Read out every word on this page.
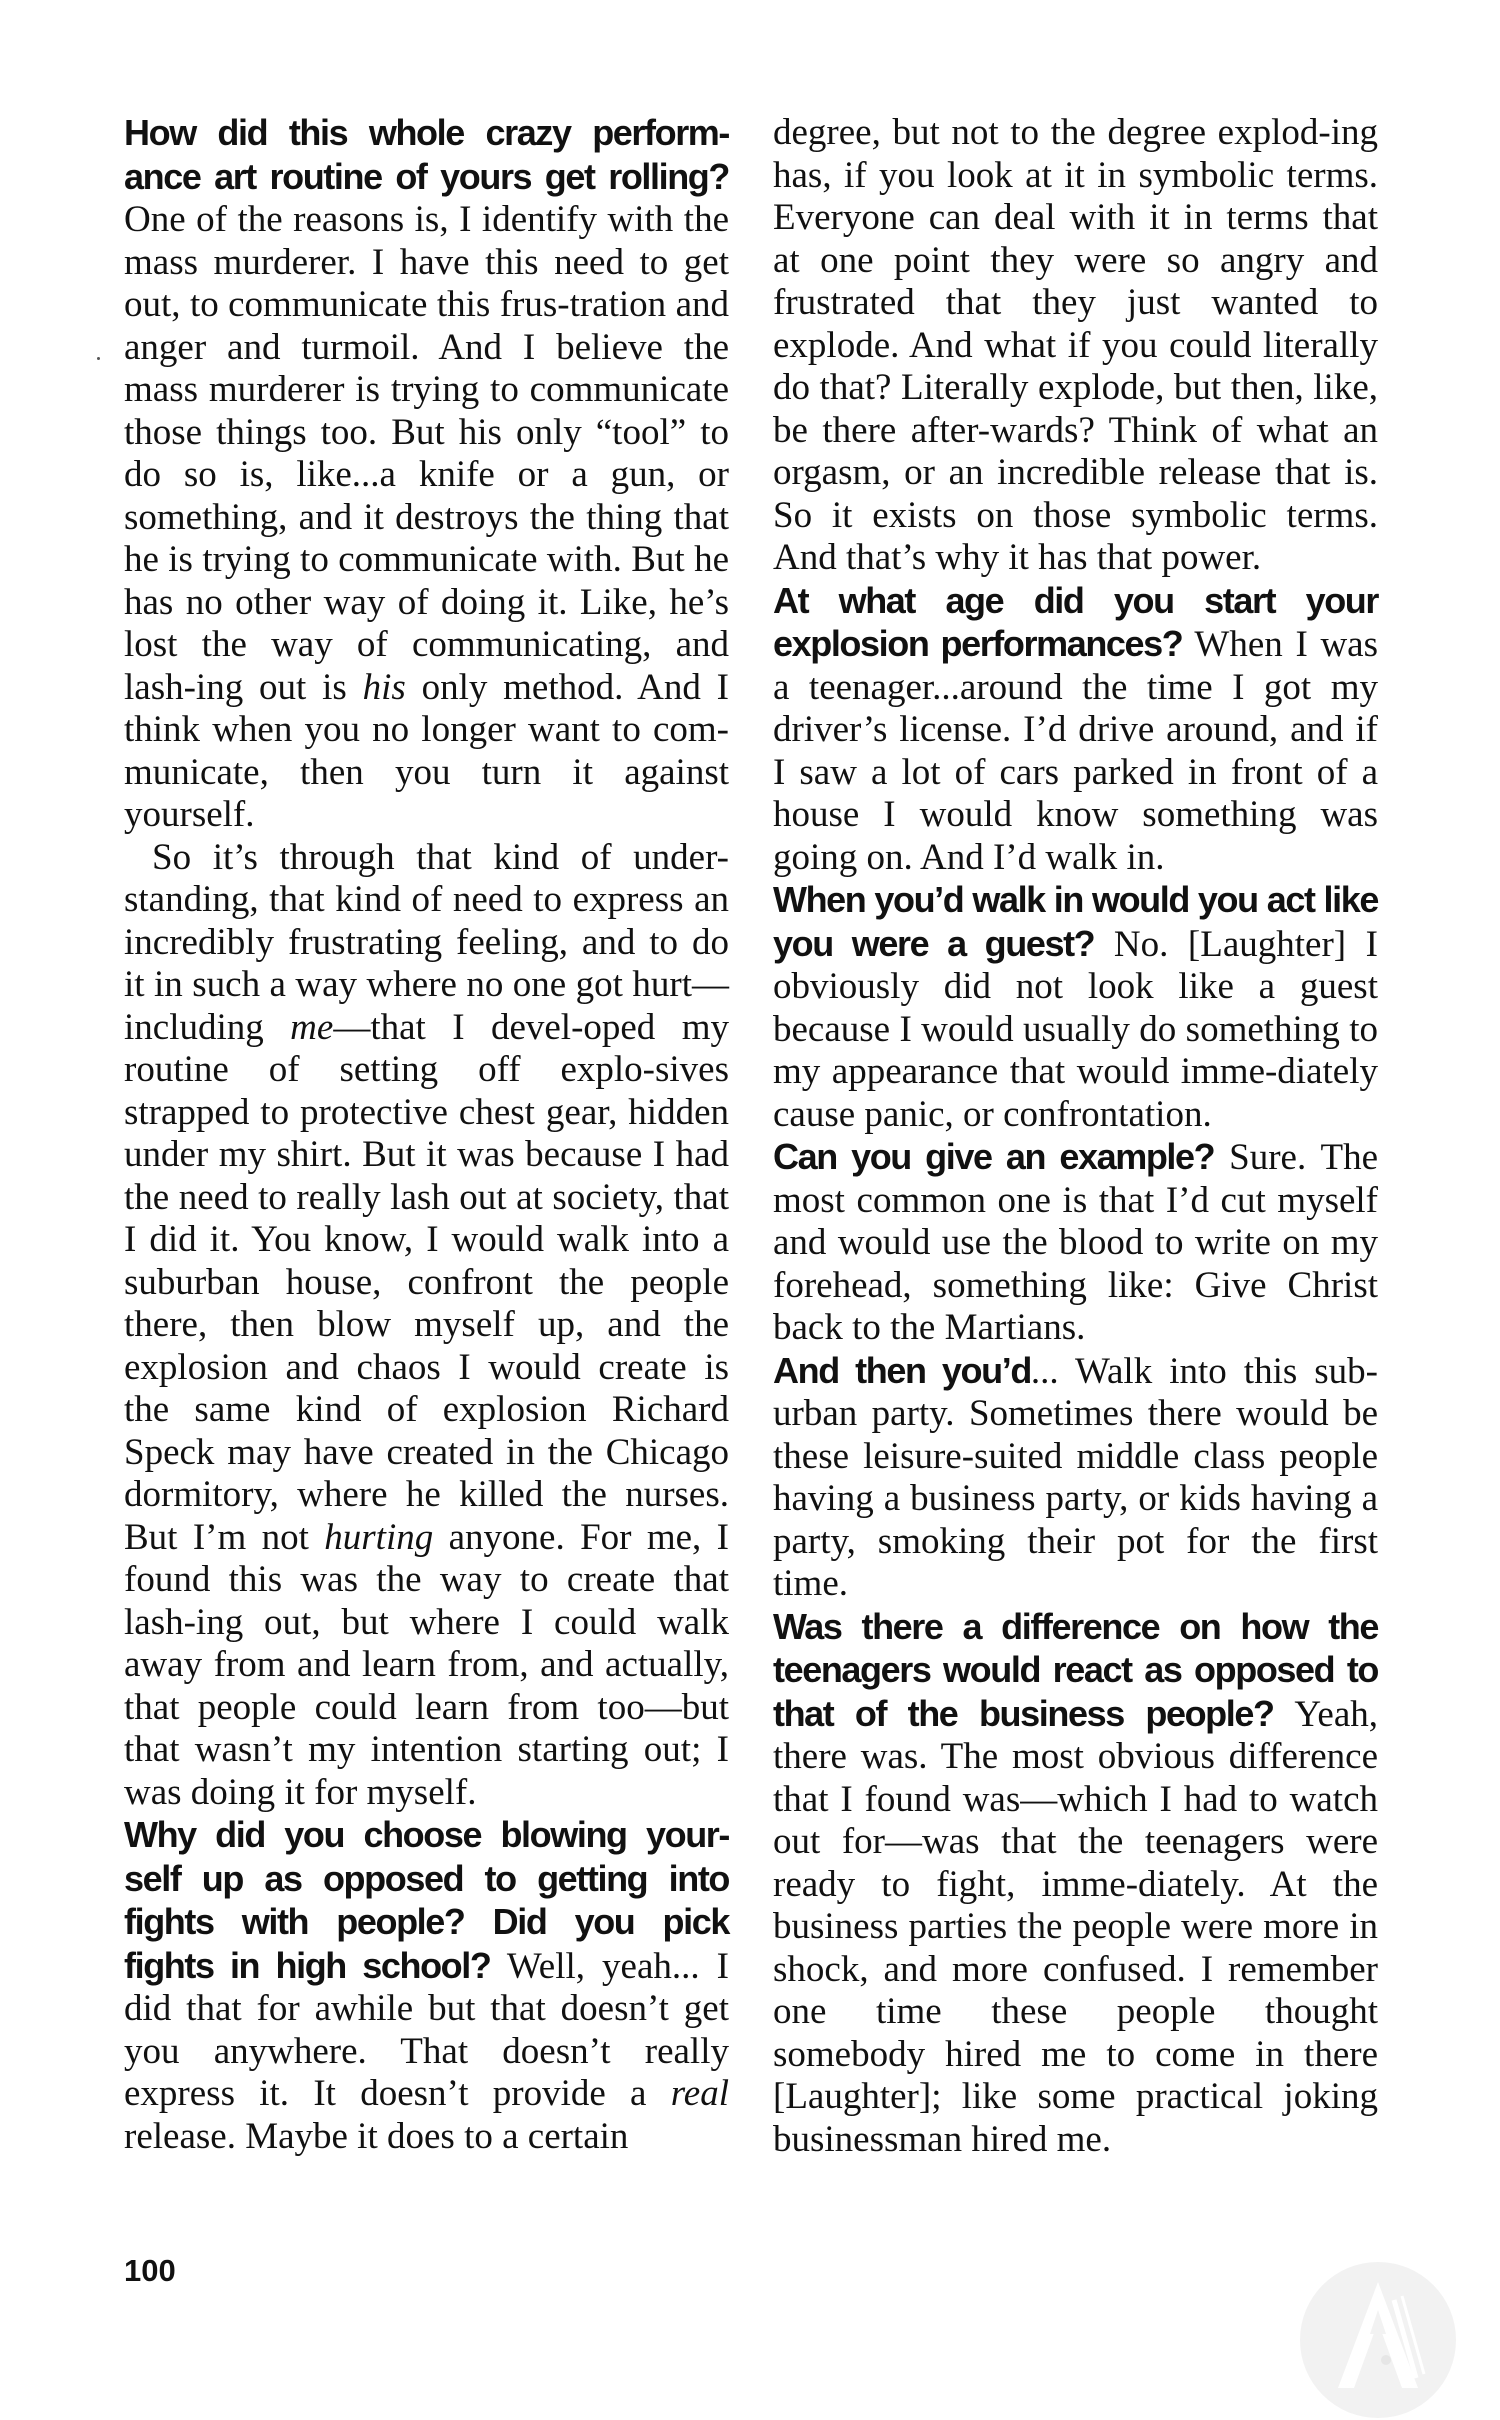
How did this whole crazy perform-ance art routine of yours get rolling? One of the reasons is, I identify with the mass murderer. I have this need to get out, to communicate this frus-tration and anger and turmoil. And I believe the mass murderer is trying to communicate those things too. But his only “tool” to do so is, like...a knife or a gun, or something, and it destroys the thing that he is trying to communicate with. But he has no other way of doing it. Like, he’s lost the way of communicating, and lash-ing out is his only method. And I think when you no longer want to com-municate, then you turn it against yourself.

So it’s through that kind of under-standing, that kind of need to express an incredibly frustrating feeling, and to do it in such a way where no one got hurt—including me—that I devel-oped my routine of setting off explo-sives strapped to protective chest gear, hidden under my shirt. But it was because I had the need to really lash out at society, that I did it. You know, I would walk into a suburban house, confront the people there, then blow myself up, and the explosion and chaos I would create is the same kind of explosion Richard Speck may have created in the Chicago dormitory, where he killed the nurses. But I’m not hurting anyone. For me, I found this was the way to create that lash-ing out, but where I could walk away from and learn from, and actually, that people could learn from too—but that wasn’t my intention starting out; I was doing it for myself.

Why did you choose blowing your-self up as opposed to getting into fights with people? Did you pick fights in high school? Well, yeah... I did that for awhile but that doesn’t get you anywhere. That doesn’t really express it. It doesn’t provide a real release. Maybe it does to a certain

degree, but not to the degree explod-ing has, if you look at it in symbolic terms. Everyone can deal with it in terms that at one point they were so angry and frustrated that they just wanted to explode. And what if you could literally do that? Literally explode, but then, like, be there after-wards? Think of what an orgasm, or an incredible release that is. So it exists on those symbolic terms. And that’s why it has that power.

At what age did you start your explosion performances? When I was a teenager...around the time I got my driver’s license. I’d drive around, and if I saw a lot of cars parked in front of a house I would know something was going on. And I’d walk in.

When you’d walk in would you act like you were a guest? No. [Laughter] I obviously did not look like a guest because I would usually do something to my appearance that would imme-diately cause panic, or confrontation.

Can you give an example? Sure. The most common one is that I’d cut myself and would use the blood to write on my forehead, something like: Give Christ back to the Martians.

And then you’d... Walk into this sub-urban party. Sometimes there would be these leisure-suited middle class people having a business party, or kids having a party, smoking their pot for the first time.

Was there a difference on how the teenagers would react as opposed to that of the business people? Yeah, there was. The most obvious difference that I found was—which I had to watch out for—was that the teenagers were ready to fight, imme-diately. At the business parties the people were more in shock, and more confused. I remember one time these people thought somebody hired me to come in there [Laughter]; like some practical joking businessman hired me.

100
